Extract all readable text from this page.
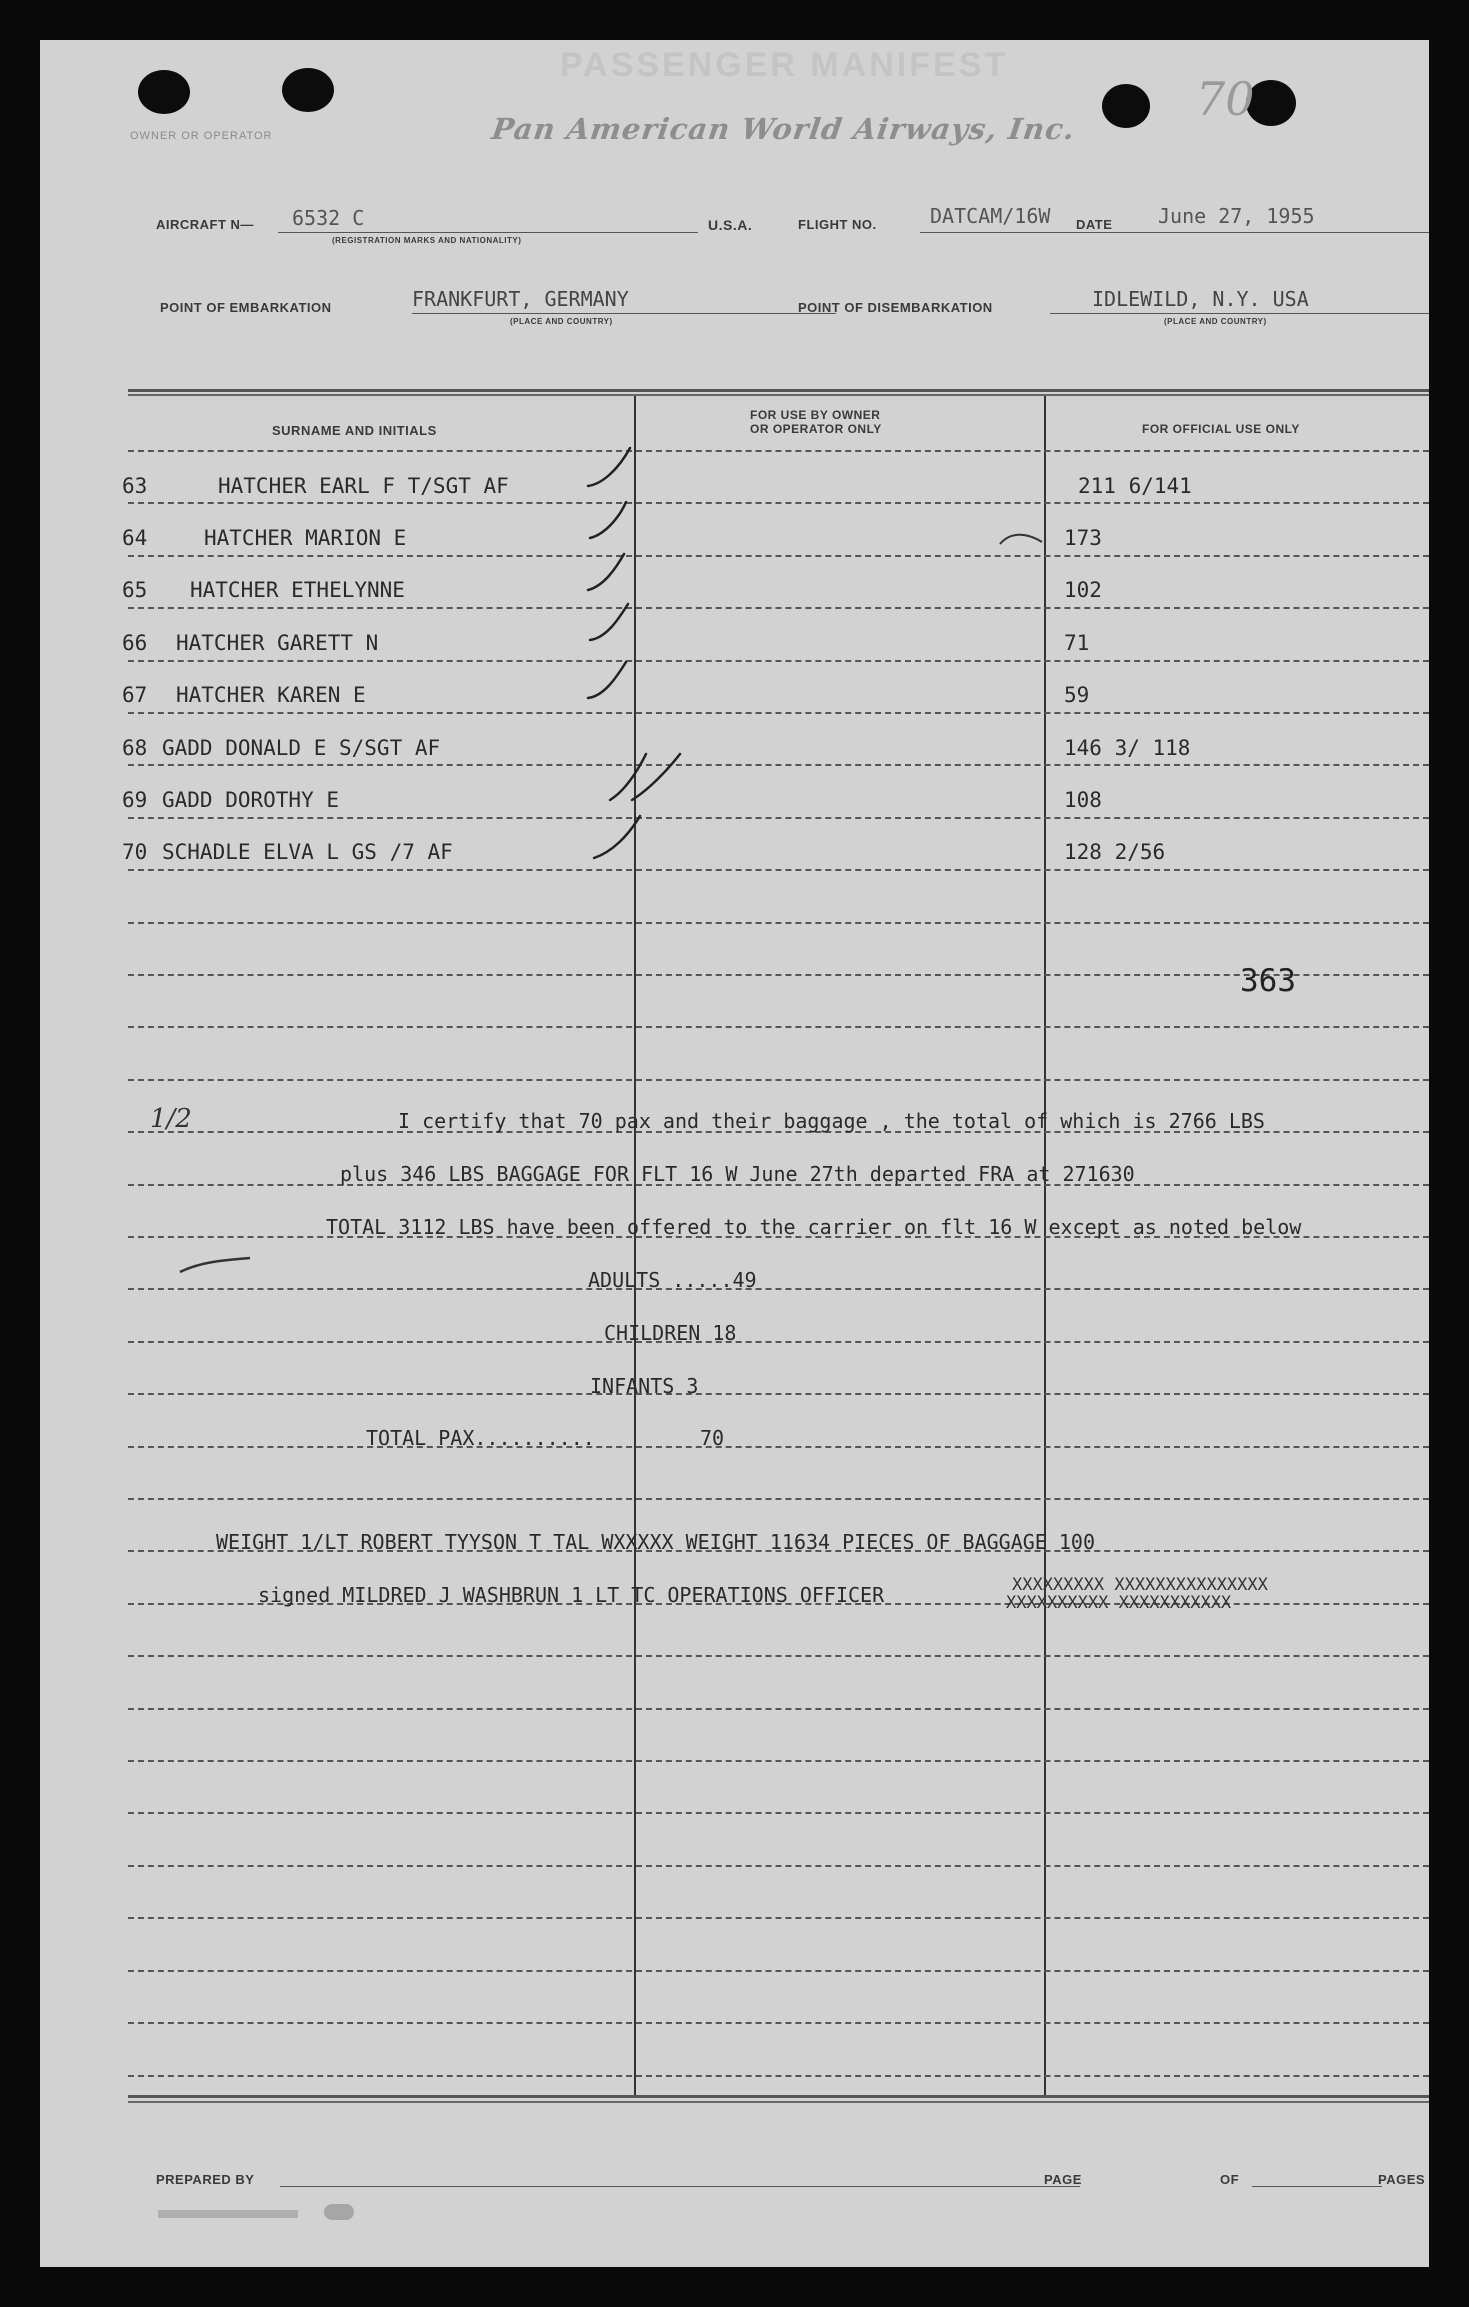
PASSENGER MANIFEST
OWNER OR OPERATOR	Pan American World Airways, Inc.
70
AIRCRAFT N— 6532 C
(REGISTRATION MARKS AND NATIONALITY)
U.S.A.	FLIGHT NO.	DATCAM/16W DATE June 27, 1955
POINT OF EMBARKATION	FRANKFURT, GERMANY
(PLACE AND COUNTRY)
POINT OF DISEMBARKATION	IDLEWILD, N.Y. USA
(PLACE AND COUNTRY)
SURNAME AND INITIALS
FOR USE BY OWNER
OR OPERATOR ONLY	FOR OFFICIAL USE ONLY
63	HATCHER EARL F T/SGT AF	211 6/141
64	HATCHER MARION E	173
65 HATCHER ETHELYNNE	102
66 HATCHER GARETT N	71
67 HATCHER KAREN E	59
68 GADD DONALD E S/SGT AF	146 3/ 118
69 GADD DOROTHY E	108
70 SCHADLE ELVA L GS /7 AF	128 2/56
363
1/2	I certify that 70 pax and their baggage , the total of which is 2766 LBS
plus 346 LBS BAGGAGE FOR FLT 16 W June 27th departed FRA at 271630
TOTAL 3112 LBS have been offered to the carrier on flt 16 W except as noted below
ADULTS .....49
CHILDREN 18
INFANTS 3
TOTAL PAX..........	70
WEIGHT 1/LT ROBERT TYYSON T TAL WXXXXX WEIGHT 11634 PIECES OF BAGGAGE 100
signed MILDRED J WASHBRUN 1 LT TC OPERATIONS OFFICER	XXXXXXXXX XXXXXXXXXXXXXXX
XXXXXXXXXX XXXXXXXXXXX
PREPARED BY	PAGE	OF	PAGES
